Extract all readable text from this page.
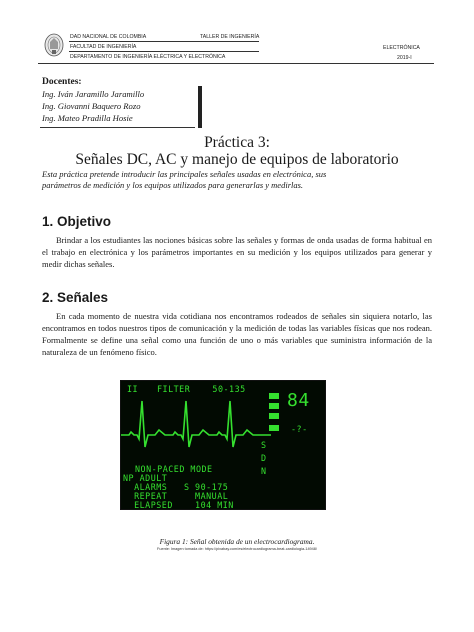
DAD NACIONAL DE COLOMBIA	TALLER DE INGENIERÍA
FACULTAD DE INGENIERÍA	ELECTRÓNICA
DEPARTAMENTO DE INGENIERÍA ELÉCTRICA Y ELECTRÓNICA	2019-I
Docentes:
Ing. Iván Jaramillo Jaramillo
Ing. Giovanni Baquero Rozo
Ing. Mateo Pradilla Hosie
Práctica 3:
Señales DC, AC y manejo de equipos de laboratorio
Esta práctica pretende introducir las principales señales usadas en electrónica, sus
parámetros de medición y los equipos utilizados para generarlas y medirlas.
1. Objetivo
Brindar a los estudiantes las nociones básicas sobre las señales y formas de onda usadas de forma habitual en el trabajo en electrónica y los parámetros importantes en su medición y los equipos utilizados para generar y medir dichas señales.
2. Señales
En cada momento de nuestra vida cotidiana nos encontramos rodeados de señales sin siquiera notarlo, las encontramos en todos nuestros tipos de comunicación y la medición de todas las variables físicas que nos rodean. Formalmente se define una señal como una función de uno o más variables que suministra información de la naturaleza de un fenómeno físico.
II FILTER    50-135
84
-?-
S
D
N
NON-PACED MODE
NP ADULT
ALARMS   S 90-175
REPEAT     MANUAL
ELAPSED    104 MIN
Figura 1: Señal obtenida de un electrocardiograma.
Fuente: Imagen tomada de: https://pixabay.com/es/electrocardiograma-beat-cardiologia-14948/
